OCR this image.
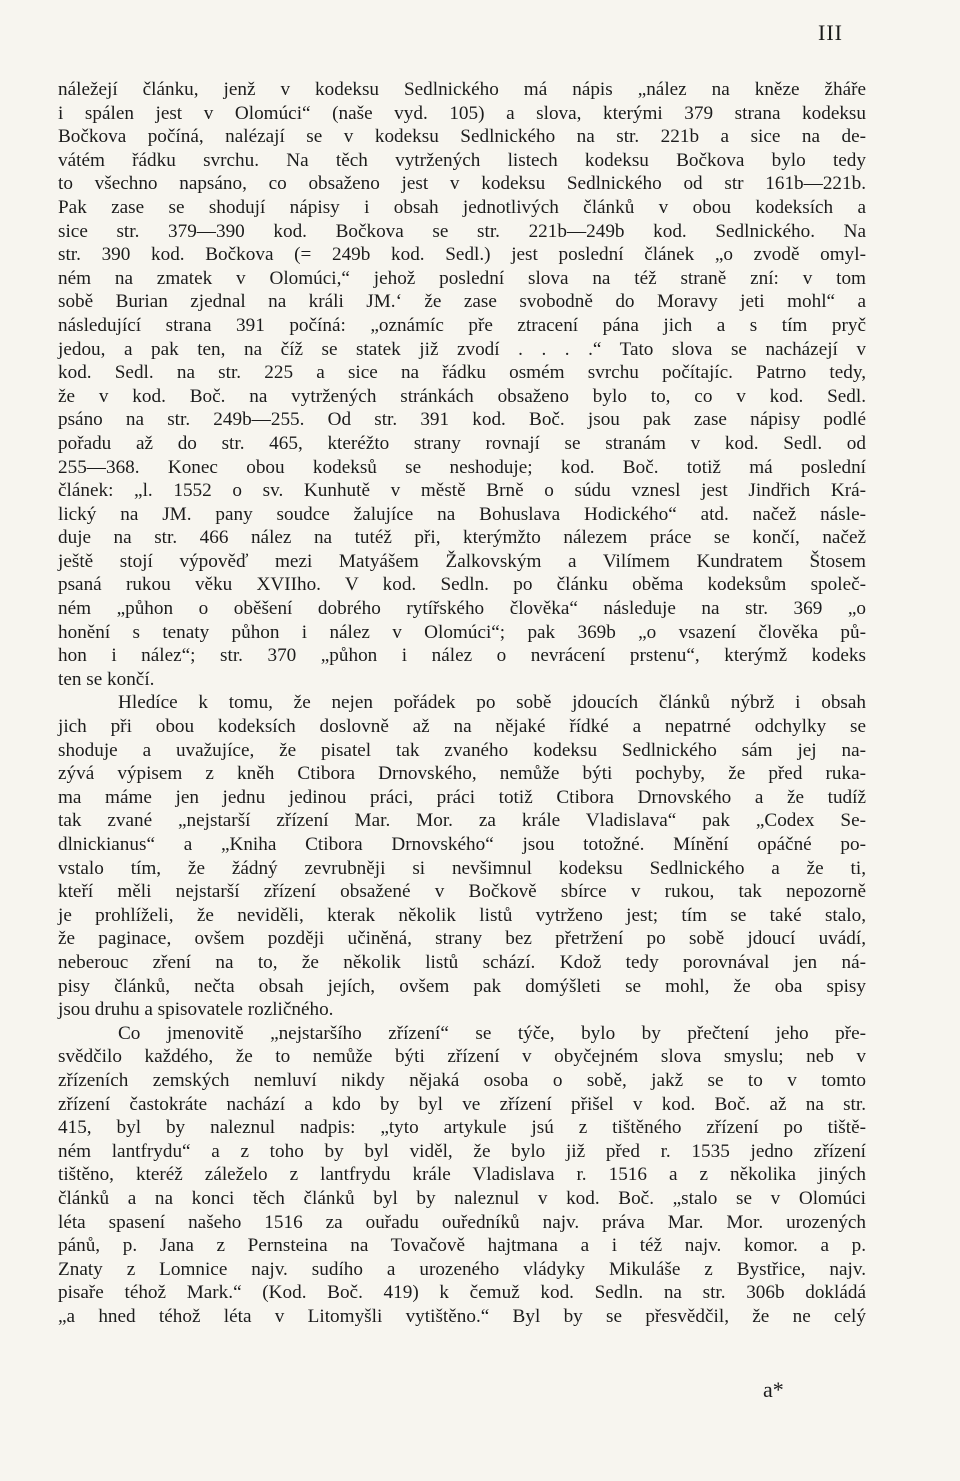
III
náležejí článku, jenž v kodeksu Sedlnického má nápis „nález na kněze žháře
i spálen jest v Olomúci“ (naše vyd. 105) a slova, kterými 379 strana kodeksu
Bočkova počíná, nalézají se v kodeksu Sedlnického na str. 221b a sice na de-
vátém řádku svrchu. Na těch vytržených listech kodeksu Bočkova bylo tedy
to všechno napsáno, co obsaženo jest v kodeksu Sedlnického od str 161b—221b.
Pak zase se shodují nápisy i obsah jednotlivých článků v obou kodeksích a
sice str. 379—390 kod. Bočkova se str. 221b—249b kod. Sedlnického. Na
str. 390 kod. Bočkova (= 249b kod. Sedl.) jest poslední článek „o zvodě omyl-
ném na zmatek v Olomúci,“ jehož poslední slova na též straně zní: v tom
sobě Burian zjednal na králi JM.‘ že zase svobodně do Moravy jeti mohl“ a
následující strana 391 počíná: „oznámíc pře ztracení pána jich a s tím pryč
jedou, a pak ten, na číž se statek již zvodí . . . .“ Tato slova se nacházejí v
kod. Sedl. na str. 225 a sice na řádku osmém svrchu počítajíc. Patrno tedy,
že v kod. Boč. na vytržených stránkách obsaženo bylo to, co v kod. Sedl.
psáno na str. 249b—255. Od str. 391 kod. Boč. jsou pak zase nápisy podlé
pořadu až do str. 465, kteréžto strany rovnají se stranám v kod. Sedl. od
255—368. Konec obou kodeksů se neshoduje; kod. Boč. totiž má poslední
článek: „l. 1552 o sv. Kunhutě v městě Brně o súdu vznesl jest Jindřich Krá-
lický na JM. pany soudce žalujíce na Bohuslava Hodického“ atd. načež násle-
duje na str. 466 nález na tutéž při, kterýmžto nálezem práce se končí, načež
ještě stojí výpověď mezi Matyášem Žalkovským a Vilímem Kundratem Štosem
psaná rukou věku XVIIho. V kod. Sedln. po článku oběma kodeksům společ-
ném „půhon o oběšení dobrého rytířského člověka“ následuje na str. 369 „o
honění s tenaty půhon i nález v Olomúci“; pak 369b „o vsazení člověka pů-
hon i nález“; str. 370 „půhon i nález o nevrácení prstenu“, kterýmž kodeks
ten se končí.
Hledíce k tomu, že nejen pořádek po sobě jdoucích článků nýbrž i obsah
jich při obou kodeksích doslovně až na nějaké řídké a nepatrné odchylky se
shoduje a uvažujíce, že pisatel tak zvaného kodeksu Sedlnického sám jej na-
zývá výpisem z kněh Ctibora Drnovského, nemůže býti pochyby, že před ruka-
ma máme jen jednu jedinou práci, práci totiž Ctibora Drnovského a že tudíž
tak zvané „nejstarší zřízení Mar. Mor. za krále Vladislava“ pak „Codex Se-
dlnickianus“ a „Kniha Ctibora Drnovského“ jsou totožné. Mínění opáčné po-
vstalo tím, že žádný zevrubněji si nevšimnul kodeksu Sedlnického a že ti,
kteří měli nejstarší zřízení obsažené v Bočkově sbírce v rukou, tak nepozorně
je prohlíželi, že neviděli, kterak několik listů vytrženo jest; tím se také stalo,
že paginace, ovšem později učiněná, strany bez přetržení po sobě jdoucí uvádí,
neberouc zření na to, že několik listů schází. Kdož tedy porovnával jen ná-
pisy článků, nečta obsah jejích, ovšem pak domýšleti se mohl, že oba spisy
jsou druhu a spisovatele rozličného.
Co jmenovitě „nejstaršího zřízení“ se týče, bylo by přečtení jeho pře-
svědčilo každého, že to nemůže býti zřízení v obyčejném slova smyslu; neb v
zřízeních zemských nemluví nikdy nějaká osoba o sobě, jakž se to v tomto
zřízení častokráte nachází a kdo by byl ve zřízení přišel v kod. Boč. až na str.
415, byl by naleznul nadpis: „tyto artykule jsú z tištěného zřízení po tiště-
ném lantfrydu“ a z toho by byl viděl, že bylo již před r. 1535 jedno zřízení
tištěno, kteréž záleželo z lantfrydu krále Vladislava r. 1516 a z několika jiných
článků a na konci těch článků byl by naleznul v kod. Boč. „stalo se v Olomúci
léta spasení našeho 1516 za ouřadu ouředníků najv. práva Mar. Mor. urozených
pánů, p. Jana z Pernsteina na Tovačově hajtmana a i též najv. komor. a p.
Znaty z Lomnice najv. sudího a urozeného vládyky Mikuláše z Bystřice, najv.
pisaře téhož Mark.“ (Kod. Boč. 419) k čemuž kod. Sedln. na str. 306b dokládá
„a hned téhož léta v Litomyšli vytištěno.“ Byl by se přesvědčil, že ne celý
a*
